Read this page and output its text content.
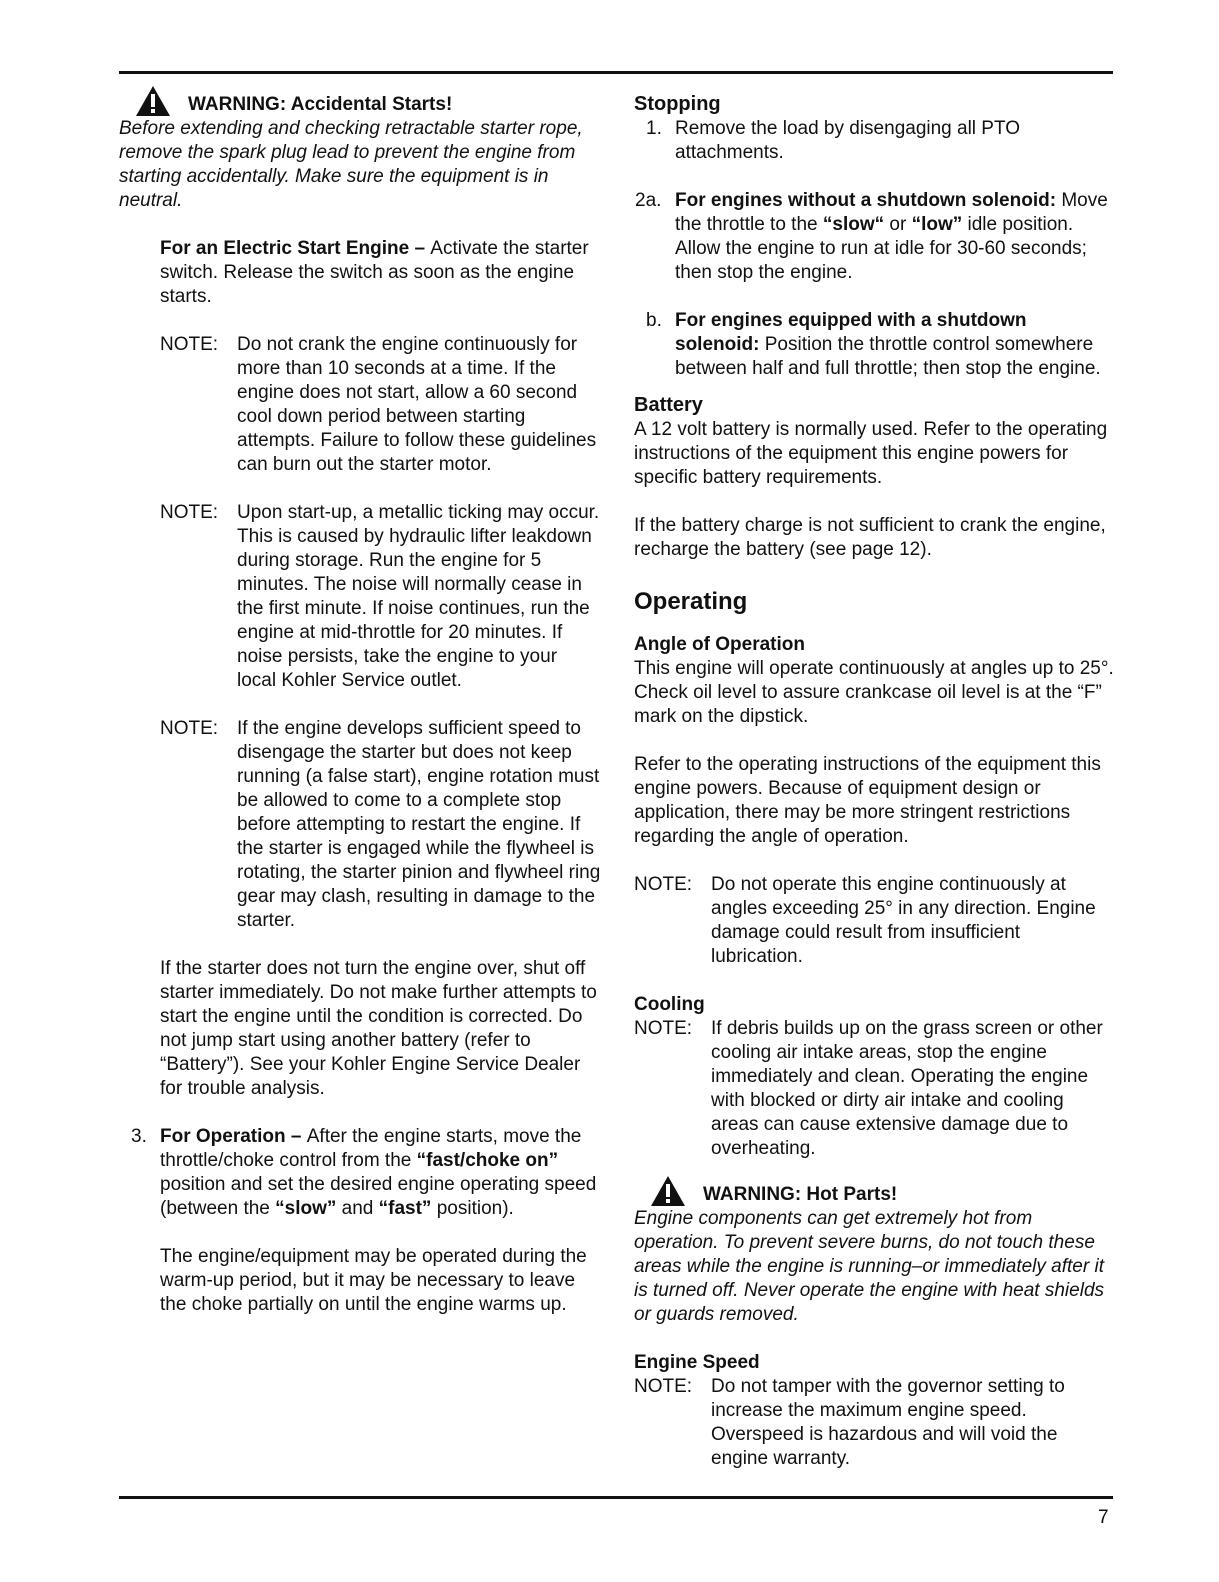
WARNING: Accidental Starts!

Before extending and checking retractable starter rope, remove the spark plug lead to prevent the engine from starting accidentally. Make sure the equipment is in neutral.

For an Electric Start Engine – Activate the starter switch. Release the switch as soon as the engine starts.

NOTE: Do not crank the engine continuously for more than 10 seconds at a time. If the engine does not start, allow a 60 second cool down period between starting attempts. Failure to follow these guidelines can burn out the starter motor.
NOTE: Upon start-up, a metallic ticking may occur. This is caused by hydraulic lifter leakdown during storage. Run the engine for 5 minutes. The noise will normally cease in the first minute. If noise continues, run the engine at mid-throttle for 20 minutes. If noise persists, take the engine to your local Kohler Service outlet.
NOTE: If the engine develops sufficient speed to disengage the starter but does not keep running (a false start), engine rotation must be allowed to come to a complete stop before attempting to restart the engine. If the starter is engaged while the flywheel is rotating, the starter pinion and flywheel ring gear may clash, resulting in damage to the starter.

If the starter does not turn the engine over, shut off starter immediately. Do not make further attempts to start the engine until the condition is corrected. Do not jump start using another battery (refer to “Battery”). See your Kohler Engine Service Dealer for trouble analysis.

3. For Operation – After the engine starts, move the throttle/choke control from the “fast/choke on” position and set the desired engine operating speed (between the “slow” and “fast” position).

The engine/equipment may be operated during the warm-up period, but it may be necessary to leave the choke partially on until the engine warms up.

Stopping

1. Remove the load by disengaging all PTO attachments.
2a. For engines without a shutdown solenoid: Move the throttle to the “slow“ or “low” idle position. Allow the engine to run at idle for 30-60 seconds; then stop the engine.
b. For engines equipped with a shutdown solenoid: Position the throttle control somewhere between half and full throttle; then stop the engine.

Battery

A 12 volt battery is normally used. Refer to the operating instructions of the equipment this engine powers for specific battery requirements.

If the battery charge is not sufficient to crank the engine, recharge the battery (see page 12).

Operating

Angle of Operation

This engine will operate continuously at angles up to 25°. Check oil level to assure crankcase oil level is at the “F” mark on the dipstick.

Refer to the operating instructions of the equipment this engine powers. Because of equipment design or application, there may be more stringent restrictions regarding the angle of operation.

NOTE: Do not operate this engine continuously at angles exceeding 25° in any direction. Engine damage could result from insufficient lubrication.

Cooling

NOTE: If debris builds up on the grass screen or other cooling air intake areas, stop the engine immediately and clean. Operating the engine with blocked or dirty air intake and cooling areas can cause extensive damage due to overheating.
WARNING: Hot Parts!

Engine components can get extremely hot from operation. To prevent severe burns, do not touch these areas while the engine is running–or immediately after it is turned off. Never operate the engine with heat shields or guards removed.

Engine Speed

NOTE: Do not tamper with the governor setting to increase the maximum engine speed. Overspeed is hazardous and will void the engine warranty.
7
